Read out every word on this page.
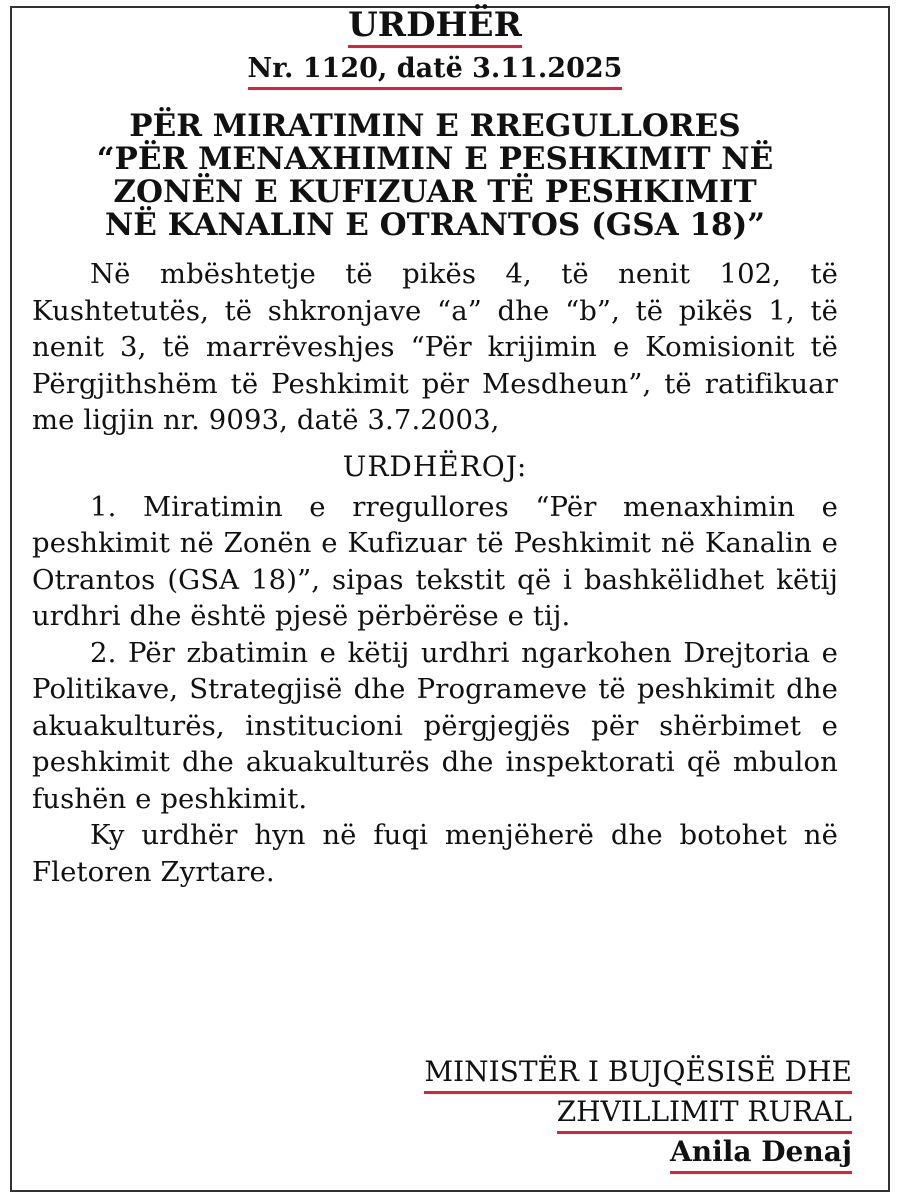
URDHËR

Nr. 1120, datë 3.11.2025

PËR MIRATIMIN E RREGULLORES
“PËR MENAXHIMIN E PESHKIMIT NË
ZONËN E KUFIZUAR TË PESHKIMIT
NË KANALIN E OTRANTOS (GSA 18)”

Në mbështetje të pikës 4, të nenit 102, të Kushtetutës, të shkronjave “a” dhe “b”, të pikës 1, të nenit 3, të marrëveshjes “Për krijimin e Komisionit të Përgjithshëm të Peshkimit për Mesdheun”, të ratifikuar me ligjin nr. 9093, datë 3.7.2003,

URDHËROJ:

1. Miratimin e rregullores “Për menaxhimin e peshkimit në Zonën e Kufizuar të Peshkimit në Kanalin e Otrantos (GSA 18)”, sipas tekstit që i bashkëlidhet këtij urdhri dhe është pjesë përbërëse e tij.

2. Për zbatimin e këtij urdhri ngarkohen Drejtoria e Politikave, Strategjisë dhe Programeve të peshkimit dhe akuakulturës, institucioni përgjegjës për shërbimet e peshkimit dhe akuakulturës dhe inspektorati që mbulon fushën e peshkimit.

Ky urdhër hyn në fuqi menjëherë dhe botohet në Fletoren Zyrtare.

MINISTËR I BUJQËSISË DHE
ZHVILLIMIT RURAL
Anila Denaj
